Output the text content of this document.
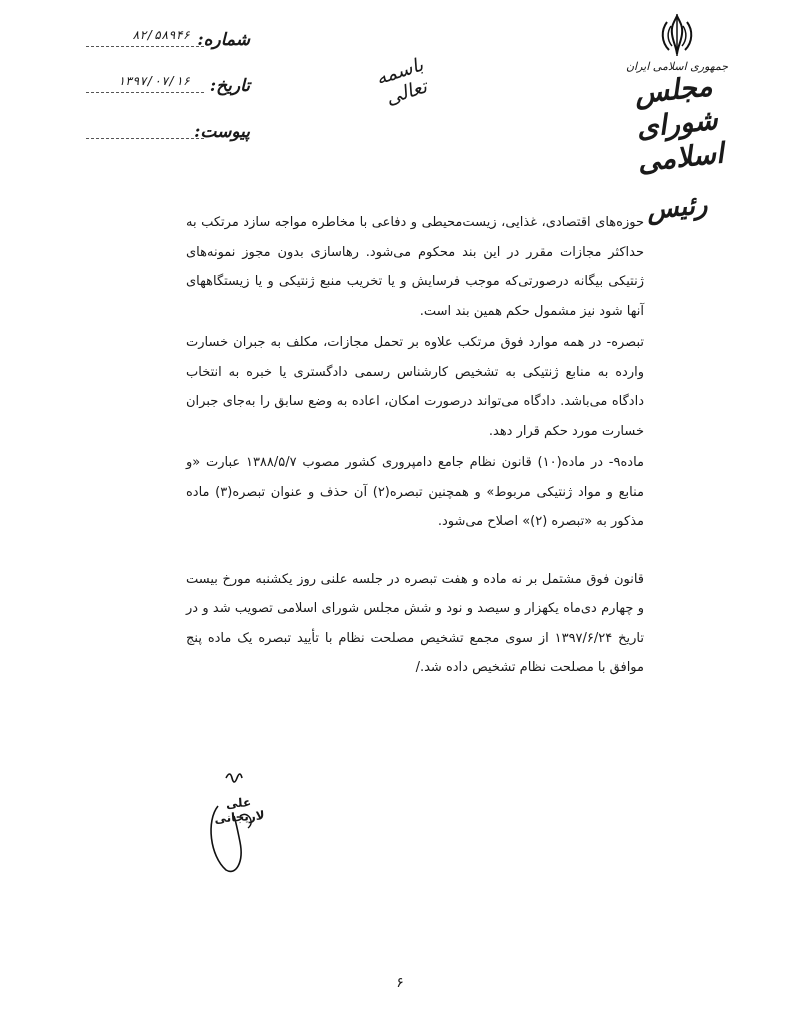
شماره:
۸۲/۵۸۹۴۶
تاریخ:
۱۳۹۷/۰۷/۱۶
پیوست:
باسمه تعالی
جمهوری اسلامی ایران
مجلس شورای اسلامی
رئیس

حوزه‌های اقتصادی، غذایی، زیست‌محیطی و دفاعی با مخاطره مواجه سازد مرتکب به حداکثر مجازات مقرر در این بند محکوم می‌شود. رهاسازی بدون مجوز نمونه‌های ژنتیکی بیگانه درصورتی‌که موجب فرسایش و یا تخریب منبع ژنتیکی و یا زیستگاههای آنها شود نیز مشمول حکم همین بند است.

تبصره- در همه موارد فوق مرتکب علاوه بر تحمل مجازات، مکلف به جبران خسارت وارده به منابع ژنتیکی به تشخیص کارشناس رسمی دادگستری یا خبره به انتخاب دادگاه می‌باشد. دادگاه می‌تواند درصورت امکان، اعاده به وضع سابق را به‌جای جبران خسارت مورد حکم قرار دهد.

ماده۹- در ماده(۱۰) قانون نظام جامع دامپروری کشور مصوب ۱۳۸۸/۵/۷ عبارت «و منابع و مواد ژنتیکی مربوط» و همچنین تبصره(۲) آن حذف و عنوان تبصره(۳) ماده مذکور به «تبصره (۲)» اصلاح می‌شود.

قانون فوق مشتمل بر نه ماده و هفت تبصره در جلسه علنی روز یکشنبه مورخ بیست و چهارم دی‌ماه یکهزار و سیصد و نود و شش مجلس شورای اسلامی تصویب شد و در تاریخ ۱۳۹۷/۶/۲۴ از سوی مجمع تشخیص مصلحت نظام با تأیید تبصره یک ماده پنج موافق با مصلحت نظام تشخیص داده شد./

علی لاریجانی
۶
